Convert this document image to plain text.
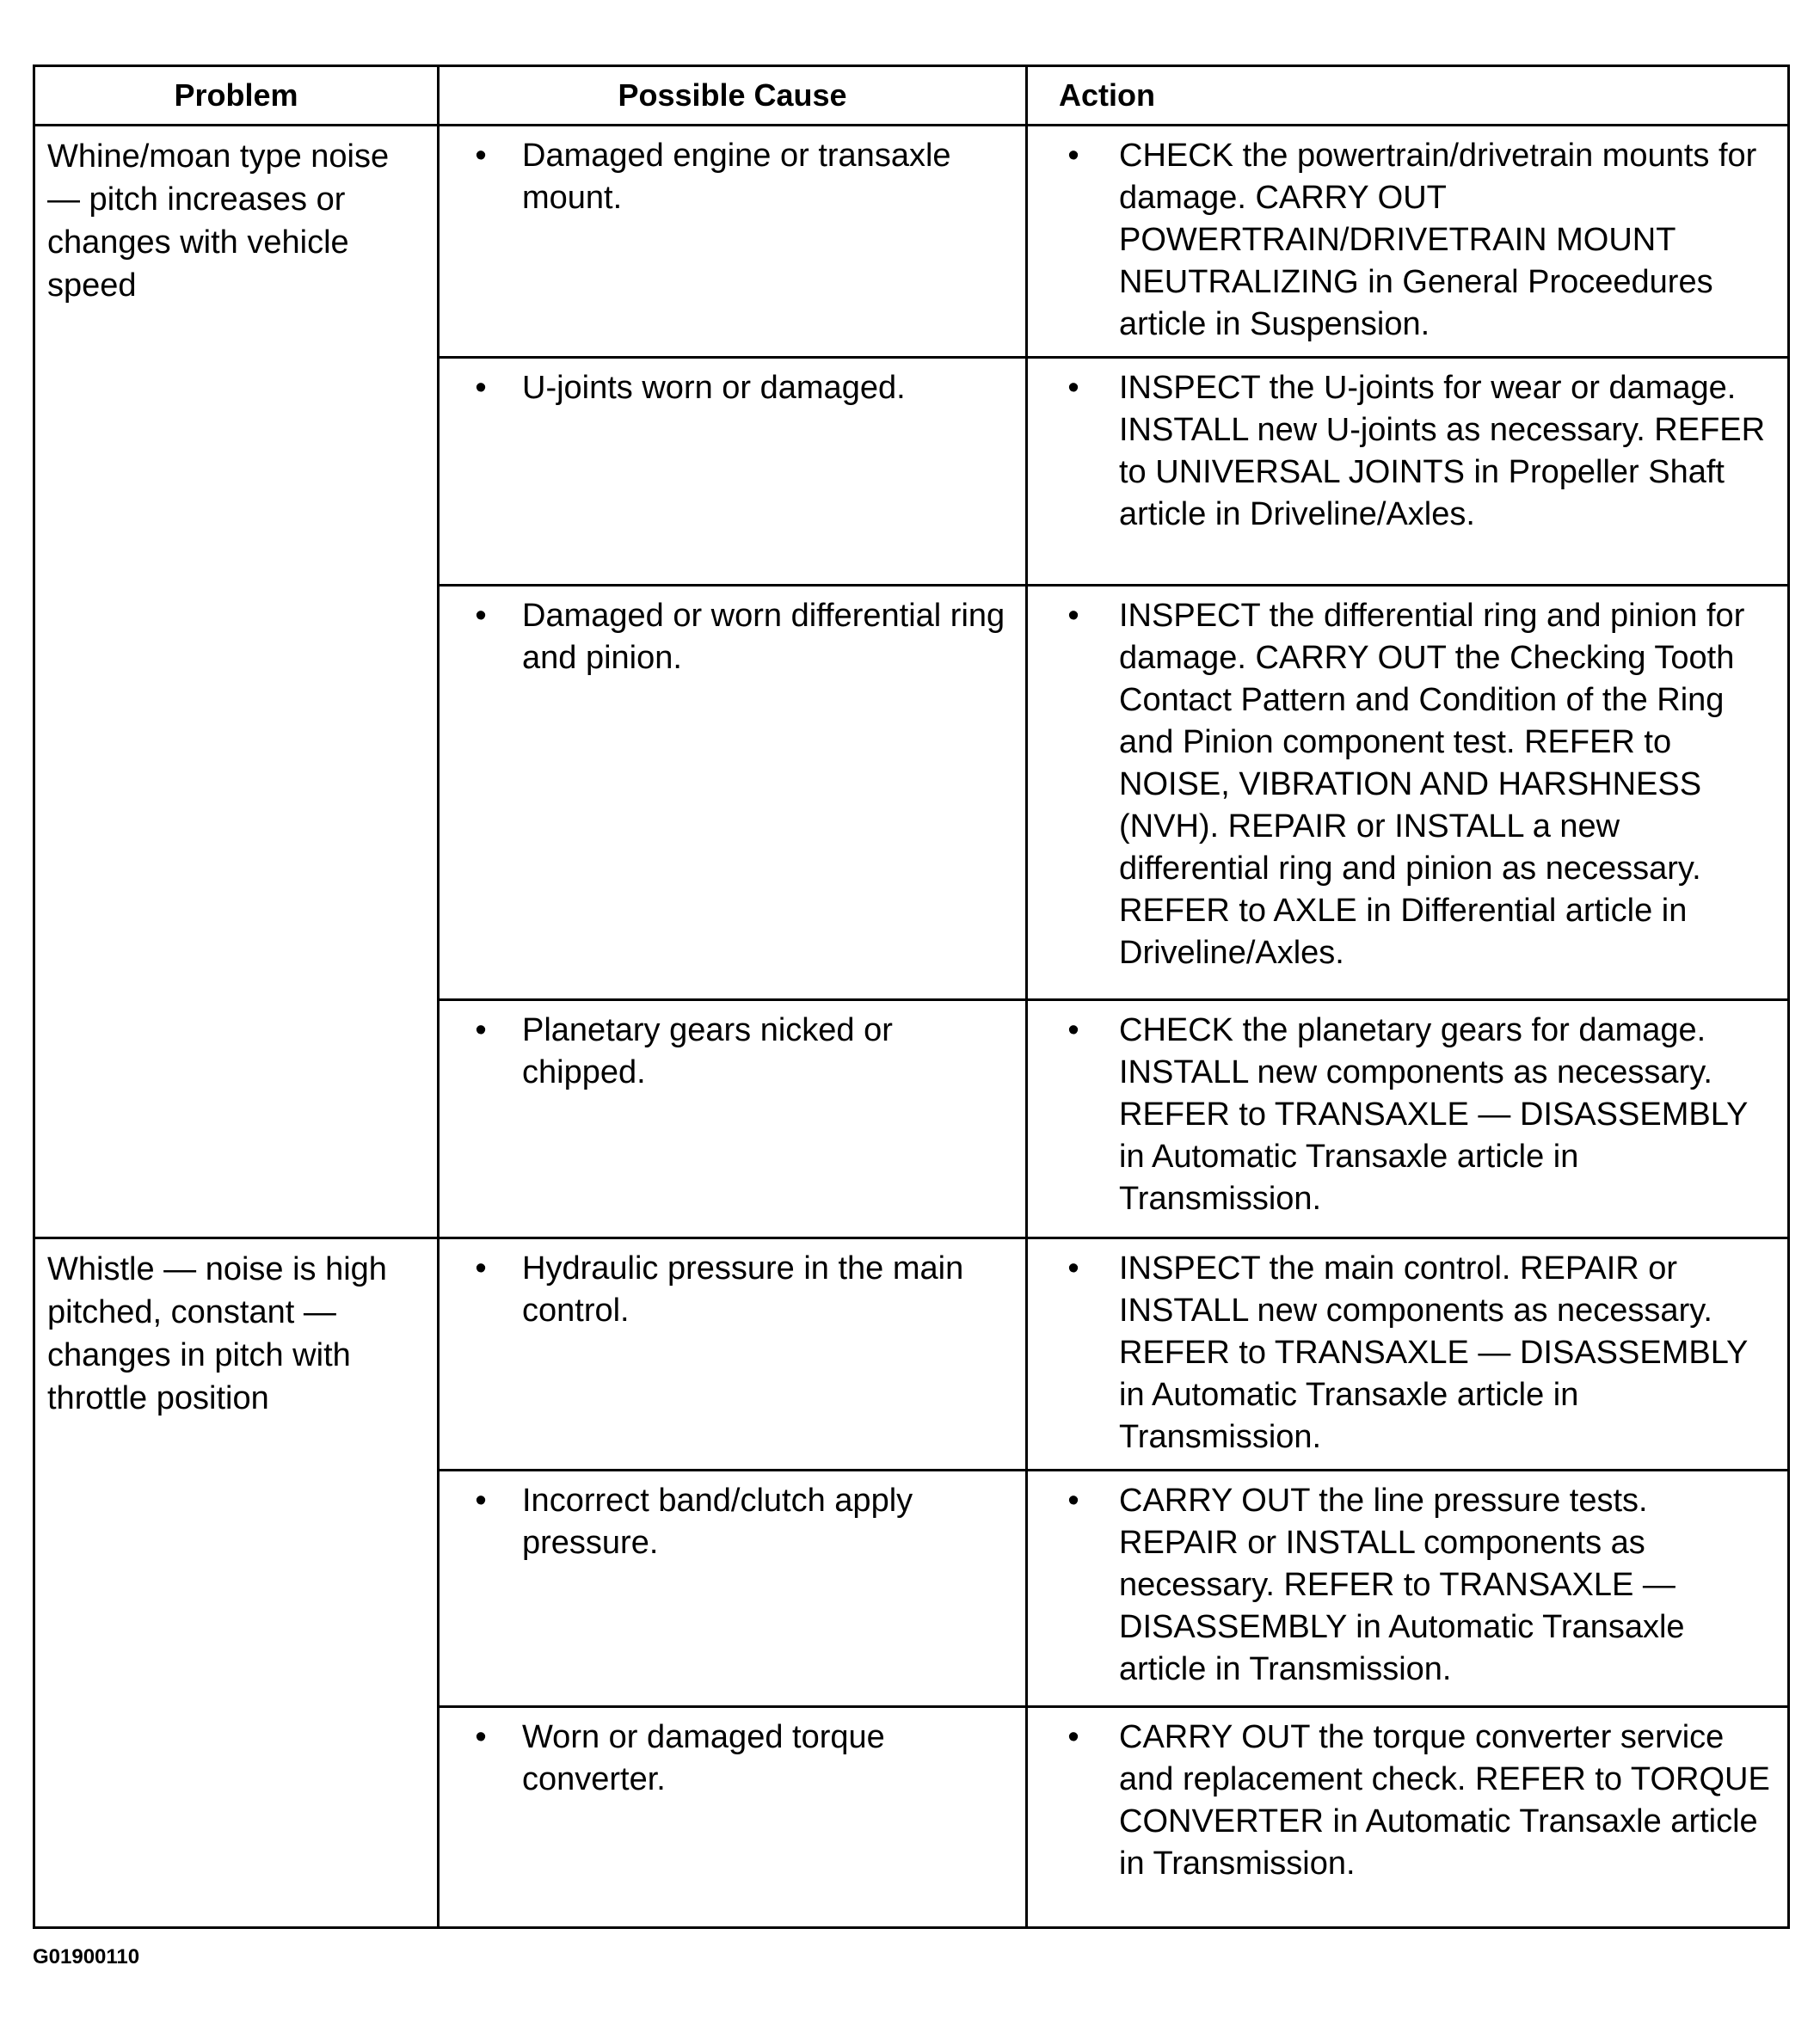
Problem	Possible Cause	Action

Whine/moan type noise — pitch increases or changes with vehicle speed	• Damaged engine or transaxle mount.	• CHECK the powertrain/drivetrain mounts for damage. CARRY OUT POWERTRAIN/DRIVETRAIN MOUNT NEUTRALIZING in General Proceedures article in Suspension.

	• U-joints worn or damaged.	• INSPECT the U-joints for wear or damage. INSTALL new U-joints as necessary. REFER to UNIVERSAL JOINTS in Propeller Shaft article in Driveline/Axles.

	• Damaged or worn differential ring and pinion.	• INSPECT the differential ring and pinion for damage. CARRY OUT the Checking Tooth Contact Pattern and Condition of the Ring and Pinion component test. REFER to NOISE, VIBRATION AND HARSHNESS (NVH). REPAIR or INSTALL a new differential ring and pinion as necessary. REFER to AXLE in Differential article in Driveline/Axles.

	• Planetary gears nicked or chipped.	• CHECK the planetary gears for damage. INSTALL new components as necessary. REFER to TRANSAXLE — DISASSEMBLY in Automatic Transaxle article in Transmission.

Whistle — noise is high pitched, constant — changes in pitch with throttle position	• Hydraulic pressure in the main control.	• INSPECT the main control. REPAIR or INSTALL new components as necessary. REFER to TRANSAXLE — DISASSEMBLY in Automatic Transaxle article in Transmission.

	• Incorrect band/clutch apply pressure.	• CARRY OUT the line pressure tests. REPAIR or INSTALL components as necessary. REFER to TRANSAXLE — DISASSEMBLY in Automatic Transaxle article in Transmission.

	• Worn or damaged torque converter.	• CARRY OUT the torque converter service and replacement check. REFER to TORQUE CONVERTER in Automatic Transaxle article in Transmission.
G01900110
